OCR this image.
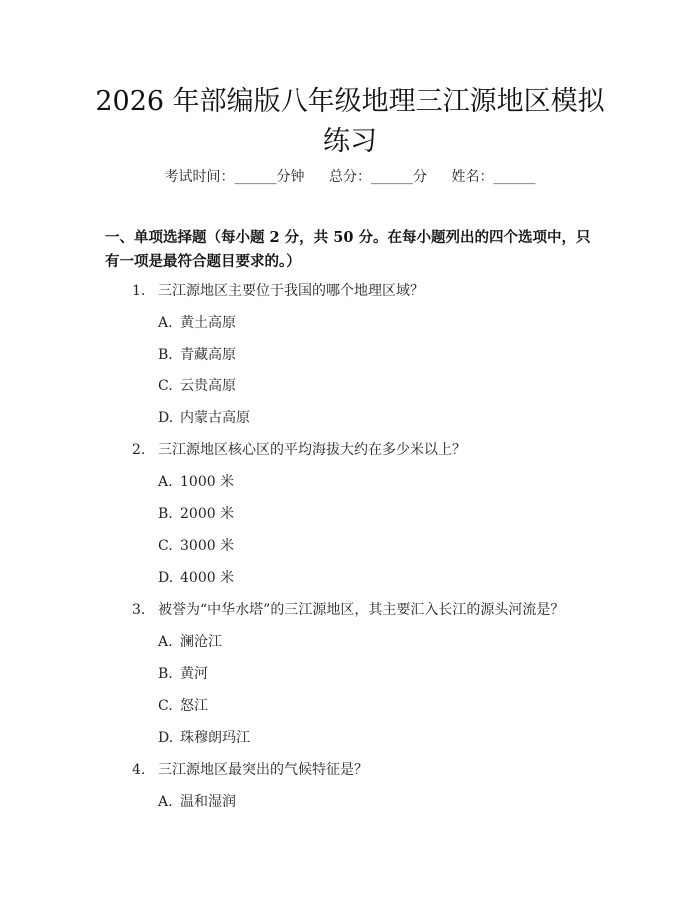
2026 年部编版八年级地理三江源地区模拟练习
考试时间：______分钟 总分：______分 姓名：______
一、单项选择题（每小题 2 分，共 50 分。在每小题列出的四个选项中，只有一项是最符合题目要求的。）
1. 三江源地区主要位于我国的哪个地理区域？
A. 黄土高原
B. 青藏高原
C. 云贵高原
D. 内蒙古高原
2. 三江源地区核心区的平均海拔大约在多少米以上？
A. 1000 米
B. 2000 米
C. 3000 米
D. 4000 米
3. 被誉为“中华水塔”的三江源地区，其主要汇入长江的源头河流是？
A. 澜沧江
B. 黄河
C. 怒江
D. 珠穆朗玛江
4. 三江源地区最突出的气候特征是？
A. 温和湿润
